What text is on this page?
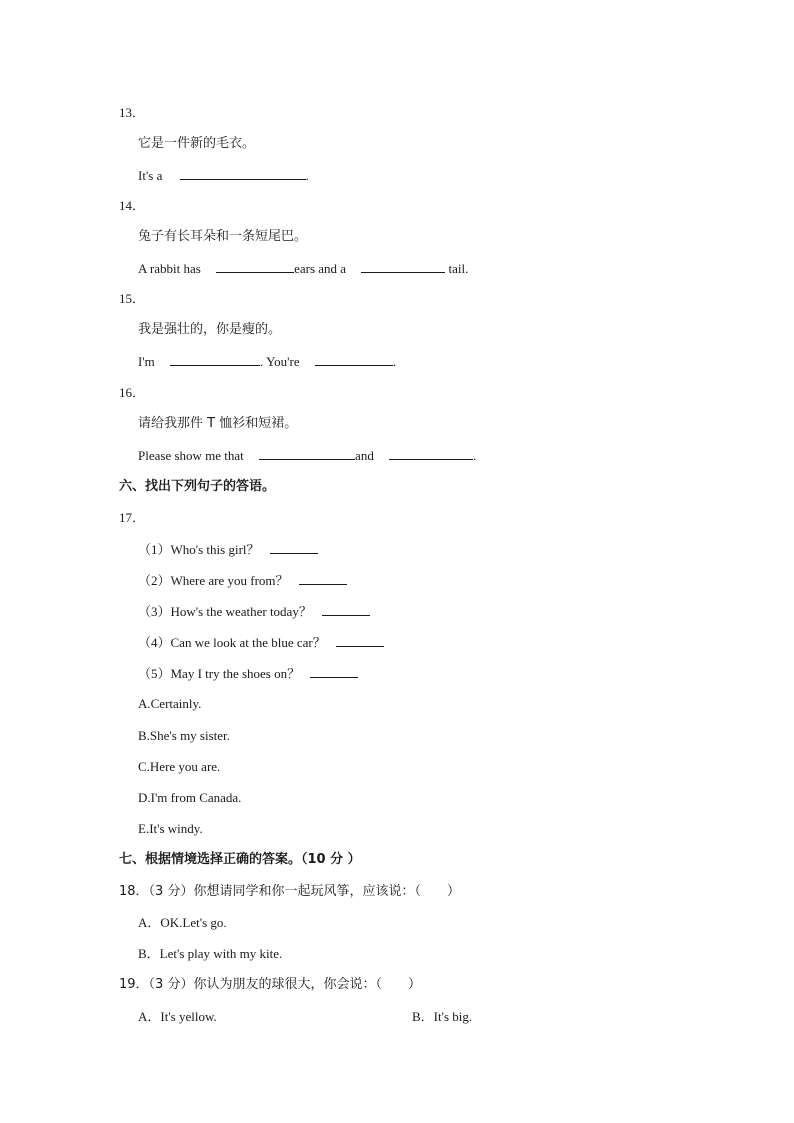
13．
它是一件新的毛衣。
It's a	.
14．
兔子有长耳朵和一条短尾巴。
A rabbit has	ears and a	tail.
15．
我是强壮的，你是瘦的。
I'm	. You're	.
16．
请给我那件 T 恤衫和短裙。
Please show me that	and	.
六、找出下列句子的答语。
17．
（1）Who's this girl？
（2）Where are you from？
（3）How's the weather today？
（4）Can we look at the blue car？
（5）May I try the shoes on？
A.Certainly.
B.She's my sister.
C.Here you are.
D.I'm from Canada.
E.It's windy.
七、根据情境选择正确的答案。（10 分 ）
18．（3 分）你想请同学和你一起玩风筝，应该说：（　　）
A．OK.Let's go.
B．Let's play with my kite.
19．（3 分）你认为朋友的球很大，你会说：（　　）
A．It's yellow.	B．It's big.
